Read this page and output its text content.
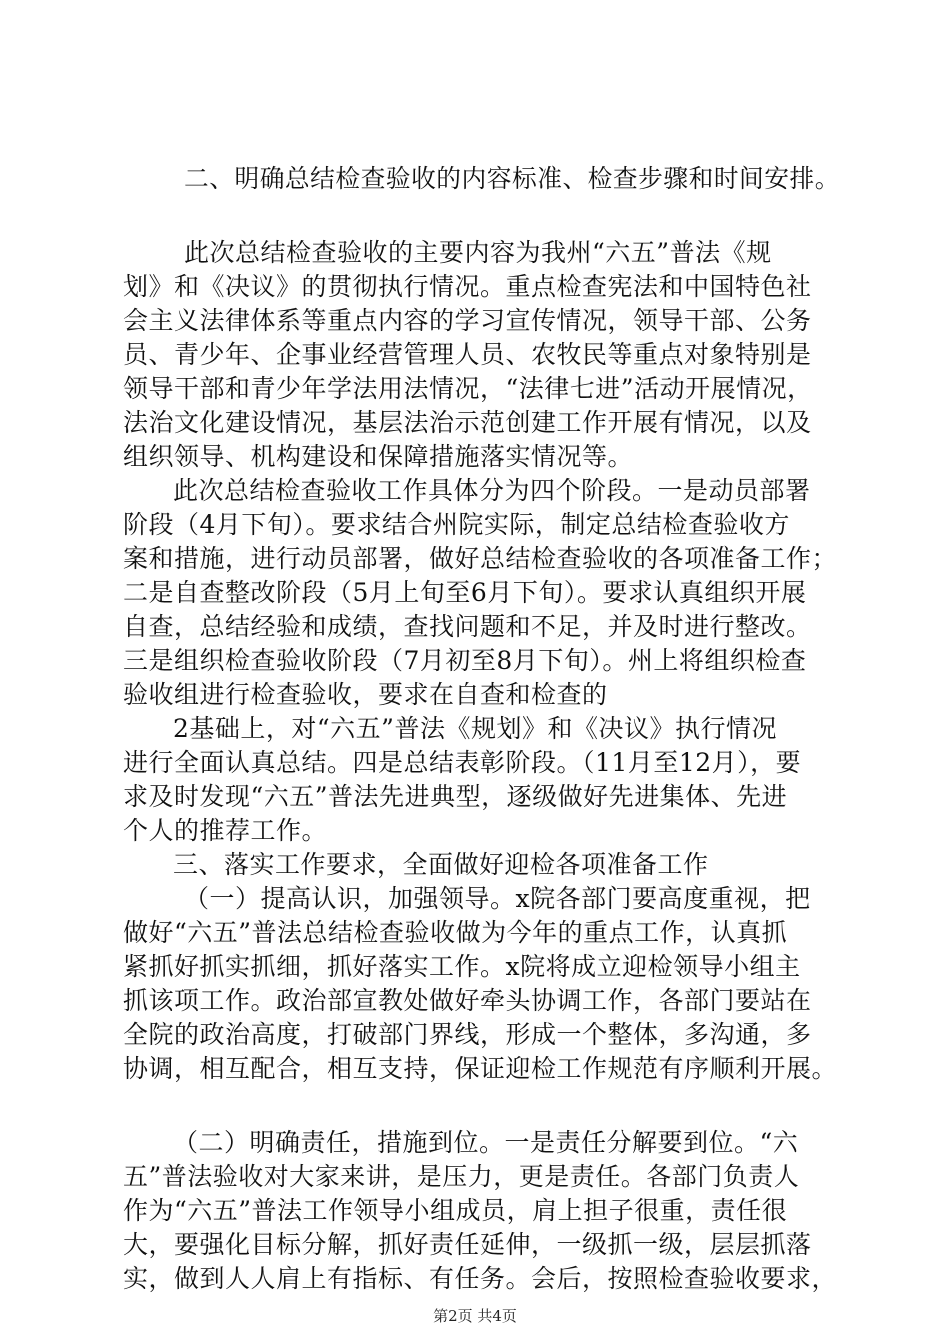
二、明确总结检查验收的内容标准、检查步骤和时间安排。
此次总结检查验收的主要内容为我州“六五”普法《规
划》和《决议》的贯彻执行情况。重点检查宪法和中国特色社
会主义法律体系等重点内容的学习宣传情况，领导干部、公务
员、青少年、企事业经营管理人员、农牧民等重点对象特别是
领导干部和青少年学法用法情况，“法律七进”活动开展情况，
法治文化建设情况，基层法治示范创建工作开展有情况，以及
组织领导、机构建设和保障措施落实情况等。
此次总结检查验收工作具体分为四个阶段。一是动员部署
阶段（4月下旬）。要求结合州院实际，制定总结检查验收方
案和措施，进行动员部署，做好总结检查验收的各项准备工作；
二是自查整改阶段（5月上旬至6月下旬）。要求认真组织开展
自查，总结经验和成绩，查找问题和不足，并及时进行整改。
三是组织检查验收阶段（7月初至8月下旬）。州上将组织检查
验收组进行检查验收，要求在自查和检查的
2基础上，对“六五”普法《规划》和《决议》执行情况
进行全面认真总结。四是总结表彰阶段。（11月至12月），要
求及时发现“六五”普法先进典型，逐级做好先进集体、先进
个人的推荐工作。
三、落实工作要求，全面做好迎检各项准备工作
（一）提高认识，加强领导。x院各部门要高度重视，把
做好“六五”普法总结检查验收做为今年的重点工作，认真抓
紧抓好抓实抓细，抓好落实工作。x院将成立迎检领导小组主
抓该项工作。政治部宣教处做好牵头协调工作，各部门要站在
全院的政治高度，打破部门界线，形成一个整体，多沟通，多
协调，相互配合，相互支持，保证迎检工作规范有序顺利开展。
（二）明确责任，措施到位。一是责任分解要到位。“六
五”普法验收对大家来讲，是压力，更是责任。各部门负责人
作为“六五”普法工作领导小组成员，肩上担子很重，责任很
大，要强化目标分解，抓好责任延伸，一级抓一级，层层抓落
实，做到人人肩上有指标、有任务。会后，按照检查验收要求，
第2页 共4页
